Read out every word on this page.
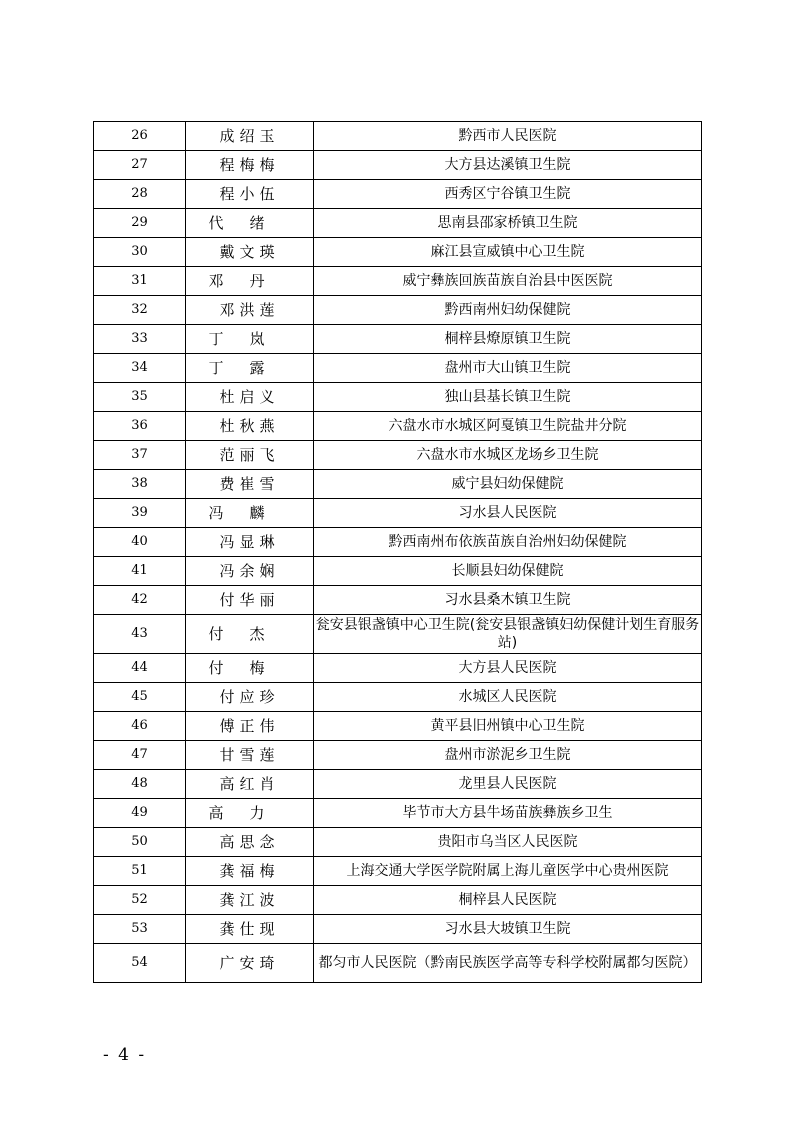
26	成绍玉	黔西市人民医院
27	程梅梅	大方县达溪镇卫生院
28	程小伍	西秀区宁谷镇卫生院
29	代绪	思南县邵家桥镇卫生院
30	戴文瑛	麻江县宣威镇中心卫生院
31	邓丹	威宁彝族回族苗族自治县中医医院
32	邓洪莲	黔西南州妇幼保健院
33	丁岚	桐梓县燎原镇卫生院
34	丁露	盘州市大山镇卫生院
35	杜启义	独山县基长镇卫生院
36	杜秋燕	六盘水市水城区阿戛镇卫生院盐井分院
37	范丽飞	六盘水市水城区龙场乡卫生院
38	费崔雪	威宁县妇幼保健院
39	冯麟	习水县人民医院
40	冯显琳	黔西南州布依族苗族自治州妇幼保健院
41	冯余娴	长顺县妇幼保健院
42	付华丽	习水县桑木镇卫生院
43	付杰	瓮安县银盏镇中心卫生院(瓮安县银盏镇妇幼保健计划生育服务站)
44	付梅	大方县人民医院
45	付应珍	水城区人民医院
46	傅正伟	黄平县旧州镇中心卫生院
47	甘雪莲	盘州市淤泥乡卫生院
48	高红肖	龙里县人民医院
49	高力	毕节市大方县牛场苗族彝族乡卫生
50	高思念	贵阳市乌当区人民医院
51	龚福梅	上海交通大学医学院附属上海儿童医学中心贵州医院
52	龚江波	桐梓县人民医院
53	龚仕现	习水县大坡镇卫生院
54	广安琦	都匀市人民医院（黔南民族医学高等专科学校附属都匀医院）
- 4 -
